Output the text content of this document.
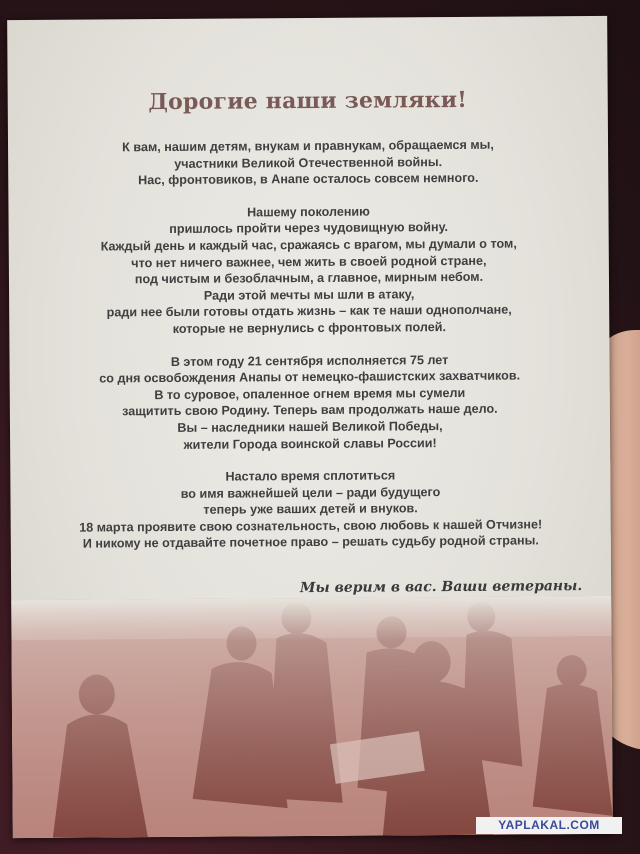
Дорогие наши земляки!
К вам, нашим детям, внукам и правнукам, обращаемся мы,
участники Великой Отечественной войны.
Нас, фронтовиков, в Анапе осталось совсем немного.
Нашему поколению
пришлось пройти через чудовищную войну.
Каждый день и каждый час, сражаясь с врагом, мы думали о том,
что нет ничего важнее, чем жить в своей родной стране,
под чистым и безоблачным, а главное, мирным небом.
Ради этой мечты мы шли в атаку,
ради нее были готовы отдать жизнь – как те наши однополчане,
которые не вернулись с фронтовых полей.
В этом году 21 сентября исполняется 75 лет
со дня освобождения Анапы от немецко-фашистских захватчиков.
В то суровое, опаленное огнем время мы сумели
защитить свою Родину. Теперь вам продолжать наше дело.
Вы – наследники нашей Великой Победы,
жители Города воинской славы России!
Настало время сплотиться
во имя важнейшей цели – ради будущего
теперь уже ваших детей и внуков.
18 марта проявите свою сознательность, свою любовь к нашей Отчизне!
И никому не отдавайте почетное право – решать судьбу родной страны.
Мы верим в вас. Ваши ветераны.
YAPLAKAL.COM
